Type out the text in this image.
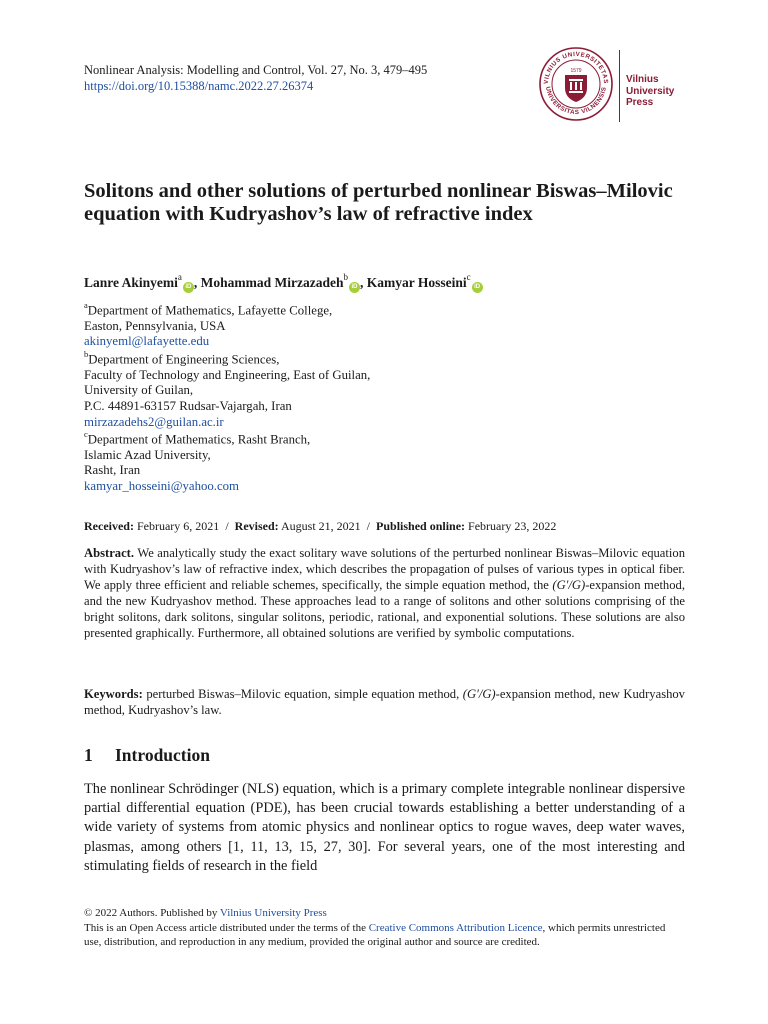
Nonlinear Analysis: Modelling and Control, Vol. 27, No. 3, 479–495
https://doi.org/10.15388/namc.2022.27.26374	VILNIUS UNIVERSITETAS
UNIVERSITAS VILNENSIS
1579
Vilnius
University
Press
Solitons and other solutions of perturbed nonlinear Biswas–Milovic equation with Kudryashov’s law of refractive index
Lanre Akinyemi$^a$iD , Mohammad Mirzazadeh$^b$iD , Kamyar Hosseini$^c$iD
$^a$Department of Mathematics, Lafayette College,
Easton, Pennsylvania, USA
akinyeml@lafayette.edu
$^b$Department of Engineering Sciences,
Faculty of Technology and Engineering, East of Guilan,
University of Guilan,
P.C. 44891-63157 Rudsar-Vajargah, Iran
mirzazadehs2@guilan.ac.ir
$^c$Department of Mathematics, Rasht Branch,
Islamic Azad University,
Rasht, Iran
kamyar_hosseini@yahoo.com
Received: February 6, 2021 / Revised: August 21, 2021 / Published online: February 23, 2022

Abstract. We analytically study the exact solitary wave solutions of the perturbed nonlinear Biswas–Milovic equation with Kudryashov’s law of refractive index, which describes the propagation of pulses of various types in optical fiber. We apply three efficient and reliable schemes, specifically, the simple equation method, the (G′/G)-expansion method, and the new Kudryashov method. These approaches lead to a range of solitons and other solutions comprising of the bright solitons, dark solitons, singular solitons, periodic, rational, and exponential solutions. These solutions are also presented graphically. Furthermore, all obtained solutions are verified by symbolic computations.

Keywords: perturbed Biswas–Milovic equation, simple equation method, (G′/G)-expansion method, new Kudryashov method, Kudryashov’s law.

1 Introduction

The nonlinear Schrödinger (NLS) equation, which is a primary complete integrable nonlinear dispersive partial differential equation (PDE), has been crucial towards establishing a better understanding of a wide variety of systems from atomic physics and nonlinear optics to rogue waves, deep water waves, plasmas, among others [1, 11, 13, 15, 27, 30]. For several years, one of the most interesting and stimulating fields of research in the field

© 2022 Authors. Published by Vilnius University Press
This is an Open Access article distributed under the terms of the Creative Commons Attribution Licence, which permits unrestricted use, distribution, and reproduction in any medium, provided the original author and source are credited.
